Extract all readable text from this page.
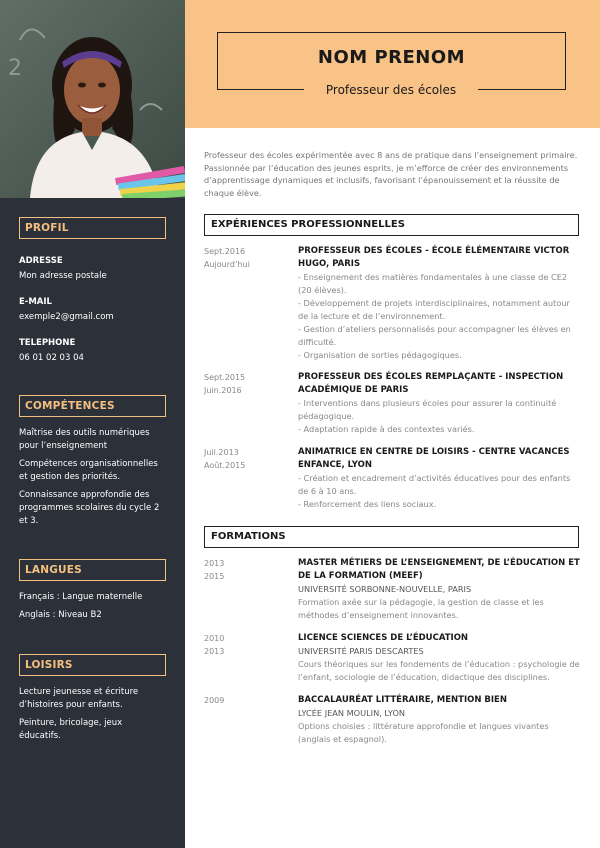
2
PROFIL
ADRESSE
Mon adresse postale
E-MAIL
exemple2@gmail.com
TELEPHONE
06 01 02 03 04
COMPÉTENCES
Maîtrise des outils numériques pour l’enseignement
Compétences organisationnelles et gestion des priorités.
Connaissance approfondie des programmes scolaires du cycle 2 et 3.
LANGUES
Français : Langue maternelle
Anglais : Niveau B2
LOISIRS
Lecture jeunesse et écriture d’histoires pour enfants.
Peinture, bricolage, jeux éducatifs.
NOM PRENOM
Professeur des écoles
Professeur des écoles expérimentée avec 8 ans de pratique dans l’enseignement primaire. Passionnée par l’éducation des jeunes esprits, je m’efforce de créer des environnements d’apprentissage dynamiques et inclusifs, favorisant l’épanouissement et la réussite de chaque élève.
EXPÉRIENCES PROFESSIONNELLES
Sept.2016
Aujourd’hui
PROFESSEUR DES ÉCOLES - ÉCOLE ÉLÉMENTAIRE VICTOR HUGO, PARIS
- Enseignement des matières fondamentales à une classe de CE2 (20 élèves).
- Développement de projets interdisciplinaires, notamment autour de la lecture et de l’environnement.
- Gestion d’ateliers personnalisés pour accompagner les élèves en difficulté.
- Organisation de sorties pédagogiques.
Sept.2015
Juin.2016
PROFESSEUR DES ÉCOLES REMPLAÇANTE - INSPECTION ACADÉMIQUE DE PARIS
- Interventions dans plusieurs écoles pour assurer la continuité pédagogique.
- Adaptation rapide à des contextes variés.
Juil.2013
Août.2015
ANIMATRICE EN CENTRE DE LOISIRS - CENTRE VACANCES ENFANCE, LYON
- Création et encadrement d’activités éducatives pour des enfants de 6 à 10 ans.
- Renforcement des liens sociaux.
FORMATIONS
2013
2015
MASTER MÉTIERS DE L’ENSEIGNEMENT, DE L’ÉDUCATION ET DE LA FORMATION (MEEF)
UNIVERSITÉ SORBONNE-NOUVELLE, PARIS
Formation axée sur la pédagogie, la gestion de classe et les méthodes d’enseignement innovantes.
2010
2013
LICENCE SCIENCES DE L’ÉDUCATION
UNIVERSITÉ PARIS DESCARTES
Cours théoriques sur les fondements de l’éducation : psychologie de l’enfant, sociologie de l’éducation, didactique des disciplines.
2009	BACCALAURÉAT LITTÉRAIRE, MENTION BIEN
LYCÉE JEAN MOULIN, LYON
Options choisies : littérature approfondie et langues vivantes (anglais et espagnol).
